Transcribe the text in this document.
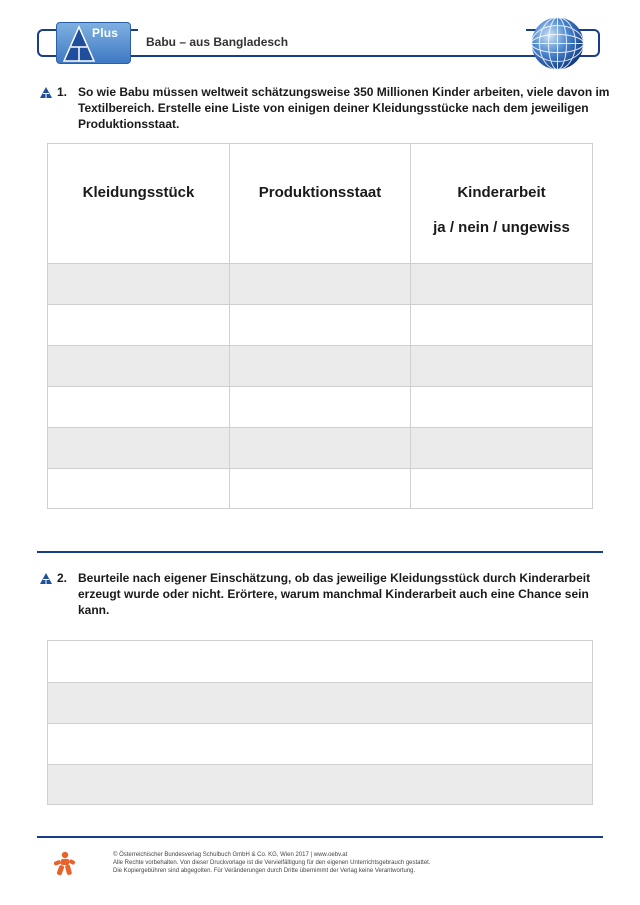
Plus
Babu – aus Bangladesch
1. So wie Babu müssen weltweit schätzungsweise 350 Millionen Kinder arbeiten, viele davon im Textilbereich. Erstelle eine Liste von einigen deiner Kleidungsstücke nach dem jeweiligen Produktionsstaat.
Kleidungsstück	Produktionsstaat	Kinderarbeit
ja / nein / ungewiss
2. Beurteile nach eigener Einschätzung, ob das jeweilige Kleidungsstück durch Kinderarbeit erzeugt wurde oder nicht. Erörtere, warum manchmal Kinderarbeit auch eine Chance sein kann.
© Österreichischer Bundesverlag Schulbuch GmbH & Co. KG, Wien 2017 | www.oebv.at
Alle Rechte vorbehalten. Von dieser Druckvorlage ist die Vervielfältigung für den eigenen Unterrichtsgebrauch gestattet.
Die Kopiergebühren sind abgegolten. Für Veränderungen durch Dritte übernimmt der Verlag keine Verantwortung.
